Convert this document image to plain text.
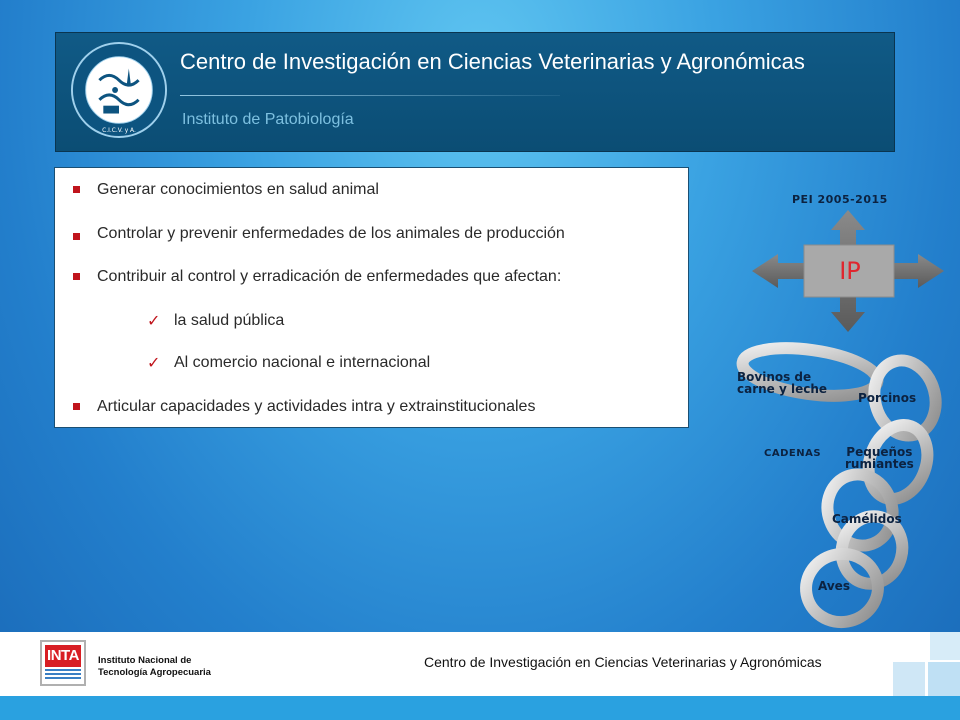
C.I.C.V. y A.
Centro de Investigación en Ciencias Veterinarias y Agronómicas
Instituto de Patobiología
Generar conocimientos en salud animal
Controlar y prevenir enfermedades de los animales de producción
Contribuir al control y erradicación de enfermedades que afectan:
✓ la salud pública
✓ Al comercio nacional e internacional
Articular capacidades y actividades intra y extrainstitucionales
PEI 2005-2015
IP
Bovinos de
carne y leche
Porcinos
CADENAS Pequeños
rumiantes
Camélidos
Aves
INTA Instituto Nacional de
Tecnología Agropecuaria
Centro de Investigación en Ciencias Veterinarias y Agronómicas
